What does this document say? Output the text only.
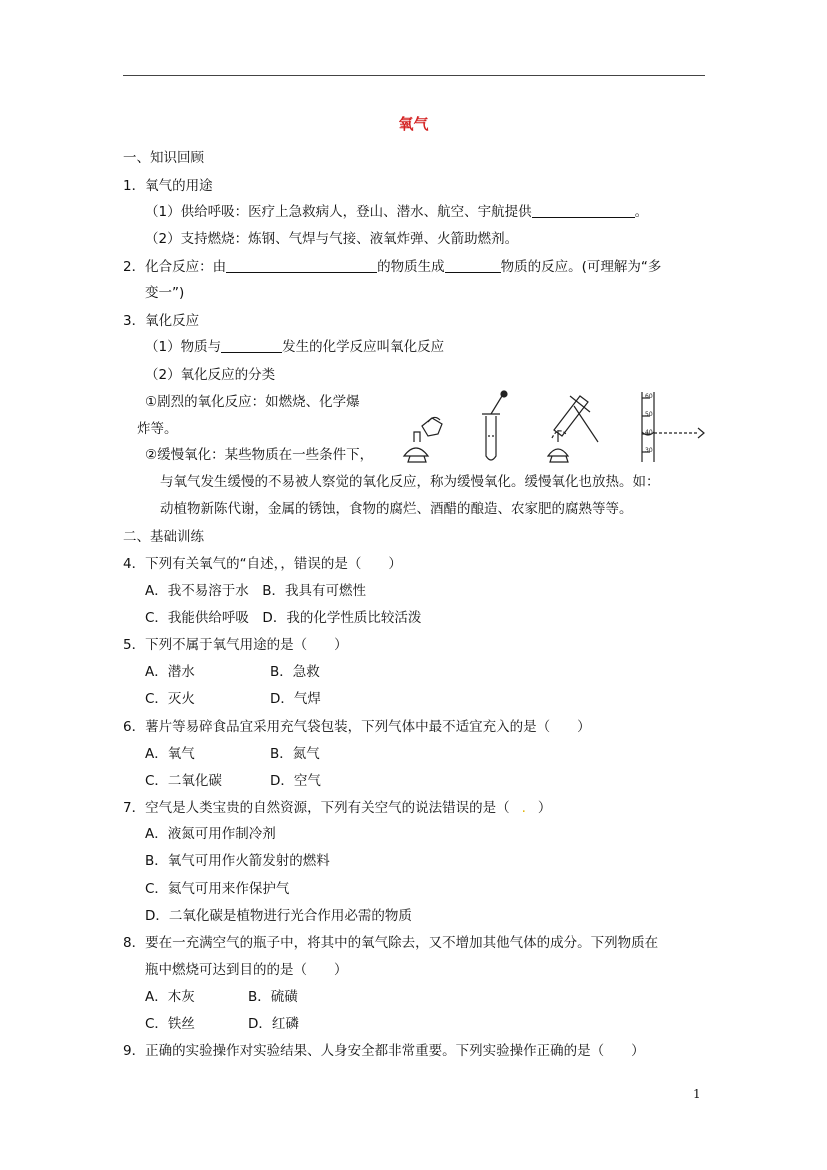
氧气
一、知识回顾
1．氧气的用途
（1）供给呼吸：医疗上急救病人，登山、潜水、航空、宇航提供	。
（2）支持燃烧：炼钢、气焊与气接、液氧炸弹、火箭助燃剂。
2．化合反应：由	的物质生成	物质的反应。(可理解为“多
变一”)
3．氧化反应
（1）物质与	发生的化学反应叫氧化反应
（2）氧化反应的分类
①剧烈的氧化反应：如燃烧、化学爆
炸等。
②缓慢氧化：某些物质在一些条件下，
与氧气发生缓慢的不易被人察觉的氧化反应，称为缓慢氧化。缓慢氧化也放热。如：
动植物新陈代谢，金属的锈蚀，食物的腐烂、酒醋的酿造、农家肥的腐熟等等。
60
50
40
30
二、基础训练
4．下列有关氧气的“自述，，错误的是（　　）
A．我不易溶于水　B．我具有可燃性
C．我能供给呼吸　D．我的化学性质比较活泼
5．下列不属于氧气用途的是（　　）
A．潜水	B．急救
C．灭火	D．气焊
6．薯片等易碎食品宜采用充气袋包装，下列气体中最不适宜充入的是（　　）
A．氧气	B．氮气
C．二氧化碳	D．空气
7．空气是人类宝贵的自然资源，下列有关空气的说法错误的是（ . ）
A．液氮可用作制冷剂
B．氧气可用作火箭发射的燃料
C．氦气可用来作保护气
D．二氧化碳是植物进行光合作用必需的物质
8．要在一充满空气的瓶子中，将其中的氧气除去，又不增加其他气体的成分。下列物质在
瓶中燃烧可达到目的的是（　　）
A．木灰	B．硫磺
C．铁丝	D．红磷
9．正确的实验操作对实验结果、人身安全都非常重要。下列实验操作正确的是（　　）
1
